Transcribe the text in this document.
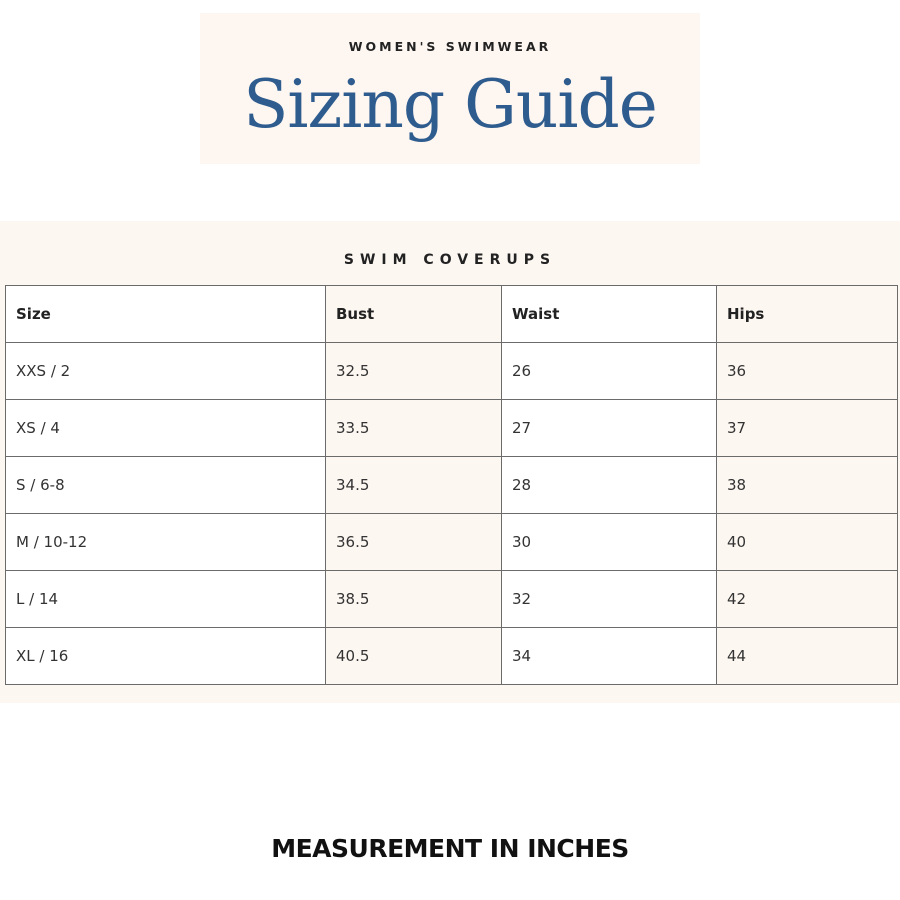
WOMEN'S SWIMWEAR
Sizing Guide
SWIM COVERUPS
Size	Bust	Waist	Hips
XXS / 2	32.5	26	36
XS / 4	33.5	27	37
S / 6-8	34.5	28	38
M / 10-12	36.5	30	40
L / 14	38.5	32	42
XL / 16	40.5	34	44
MEASUREMENT IN INCHES
